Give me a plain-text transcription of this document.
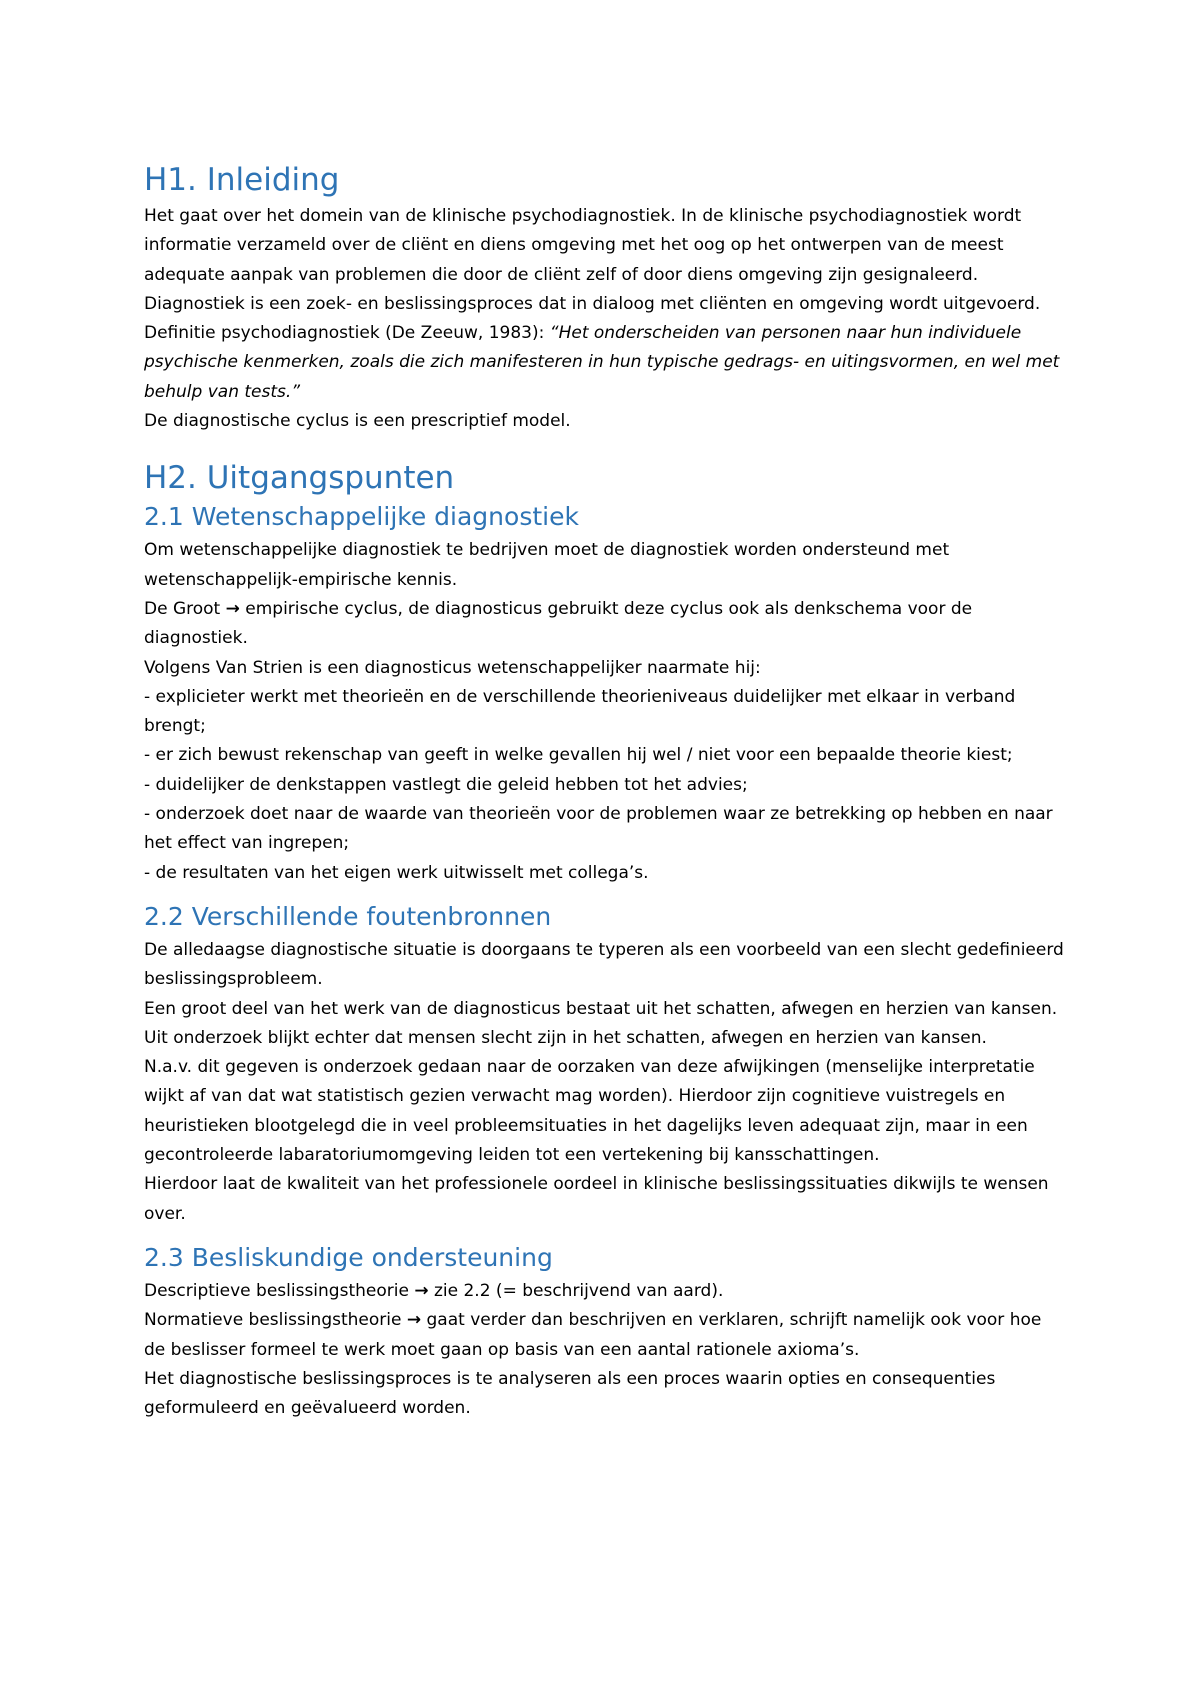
H1. Inleiding

Het gaat over het domein van de klinische psychodiagnostiek. In de klinische psychodiagnostiek wordt informatie verzameld over de cliënt en diens omgeving met het oog op het ontwerpen van de meest adequate aanpak van problemen die door de cliënt zelf of door diens omgeving zijn gesignaleerd.

Diagnostiek is een zoek- en beslissingsproces dat in dialoog met cliënten en omgeving wordt uitgevoerd.

Definitie psychodiagnostiek (De Zeeuw, 1983): “Het onderscheiden van personen naar hun individuele psychische kenmerken, zoals die zich manifesteren in hun typische gedrags- en uitingsvormen, en wel met behulp van tests.”

De diagnostische cyclus is een prescriptief model.

H2. Uitgangspunten
2.1 Wetenschappelijke diagnostiek

Om wetenschappelijke diagnostiek te bedrijven moet de diagnostiek worden ondersteund met wetenschappelijk-empirische kennis.

De Groot → empirische cyclus, de diagnosticus gebruikt deze cyclus ook als denkschema voor de diagnostiek.

Volgens Van Strien is een diagnosticus wetenschappelijker naarmate hij:

- explicieter werkt met theorieën en de verschillende theorieniveaus duidelijker met elkaar in verband brengt;

- er zich bewust rekenschap van geeft in welke gevallen hij wel / niet voor een bepaalde theorie kiest;

- duidelijker de denkstappen vastlegt die geleid hebben tot het advies;

- onderzoek doet naar de waarde van theorieën voor de problemen waar ze betrekking op hebben en naar het effect van ingrepen;

- de resultaten van het eigen werk uitwisselt met collega’s.

2.2 Verschillende foutenbronnen

De alledaagse diagnostische situatie is doorgaans te typeren als een voorbeeld van een slecht gedefinieerd beslissingsprobleem.

Een groot deel van het werk van de diagnosticus bestaat uit het schatten, afwegen en herzien van kansen. Uit onderzoek blijkt echter dat mensen slecht zijn in het schatten, afwegen en herzien van kansen.

N.a.v. dit gegeven is onderzoek gedaan naar de oorzaken van deze afwijkingen (menselijke interpretatie wijkt af van dat wat statistisch gezien verwacht mag worden). Hierdoor zijn cognitieve vuistregels en heuristieken blootgelegd die in veel probleemsituaties in het dagelijks leven adequaat zijn, maar in een gecontroleerde labaratoriumomgeving leiden tot een vertekening bij kansschattingen.

Hierdoor laat de kwaliteit van het professionele oordeel in klinische beslissingssituaties dikwijls te wensen over.

2.3 Besliskundige ondersteuning

Descriptieve beslissingstheorie → zie 2.2 (= beschrijvend van aard).

Normatieve beslissingstheorie → gaat verder dan beschrijven en verklaren, schrijft namelijk ook voor hoe de beslisser formeel te werk moet gaan op basis van een aantal rationele axioma’s.

Het diagnostische beslissingsproces is te analyseren als een proces waarin opties en consequenties geformuleerd en geëvalueerd worden.
